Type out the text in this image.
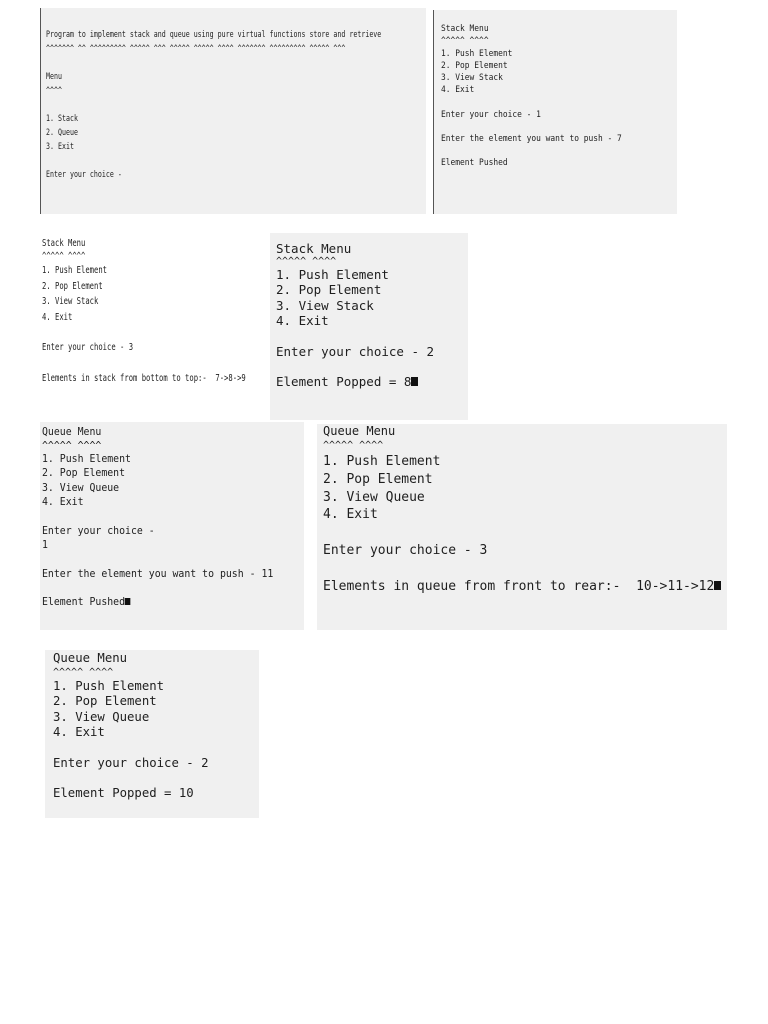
Program to implement stack and queue using pure virtual functions store and retrieve
^^^^^^^ ^^ ^^^^^^^^^ ^^^^^ ^^^ ^^^^^ ^^^^^ ^^^^ ^^^^^^^ ^^^^^^^^^ ^^^^^ ^^^
Menu
^^^^
1. Stack
2. Queue
3. Exit
Enter your choice -
Stack Menu
^^^^^ ^^^^
1. Push Element
2. Pop Element
3. View Stack
4. Exit
Enter your choice - 1
Enter the element you want to push - 7
Element Pushed
Stack Menu
^^^^^ ^^^^
1. Push Element
2. Pop Element
3. View Stack
4. Exit
Enter your choice - 3
Elements in stack from bottom to top:-  7->8->9
Stack Menu
^^^^^ ^^^^
1. Push Element
2. Pop Element
3. View Stack
4. Exit
Enter your choice - 2
Element Popped = 8
Queue Menu
^^^^^ ^^^^
1. Push Element
2. Pop Element
3. View Queue
4. Exit
Enter your choice -
1
Enter the element you want to push - 11
Element Pushed
Queue Menu
^^^^^ ^^^^
1. Push Element
2. Pop Element
3. View Queue
4. Exit
Enter your choice - 3
Elements in queue from front to rear:-  10->11->12
Queue Menu
^^^^^ ^^^^
1. Push Element
2. Pop Element
3. View Queue
4. Exit
Enter your choice - 2
Element Popped = 10
